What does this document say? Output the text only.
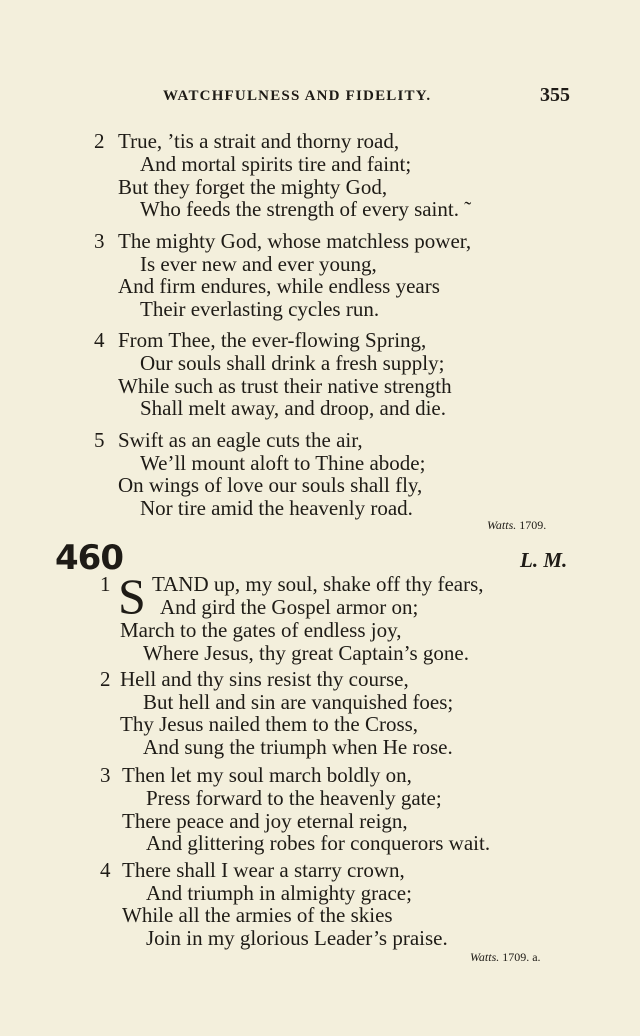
WATCHFULNESS AND FIDELITY.	355
2 True, ’tis a strait and thorny road,
And mortal spirits tire and faint;
But they forget the mighty God,
Who feeds the strength of every saint. ˜
3 The mighty God, whose matchless power,
Is ever new and ever young,
And firm endures, while endless years
Their everlasting cycles run.
4 From Thee, the ever-flowing Spring,
Our souls shall drink a fresh supply;
While such as trust their native strength
Shall melt away, and droop, and die.
5 Swift as an eagle cuts the air,
We’ll mount aloft to Thine abode;
On wings of love our souls shall fly,
Nor tire amid the heavenly road.
Watts. 1709.
460	L. M.
1 S TAND up, my soul, shake off thy fears,
And gird the Gospel armor on;
March to the gates of endless joy,
Where Jesus, thy great Captain’s gone.
2 Hell and thy sins resist thy course,
But hell and sin are vanquished foes;
Thy Jesus nailed them to the Cross,
And sung the triumph when He rose.
3 Then let my soul march boldly on,
Press forward to the heavenly gate;
There peace and joy eternal reign,
And glittering robes for conquerors wait.
4 There shall I wear a starry crown,
And triumph in almighty grace;
While all the armies of the skies
Join in my glorious Leader’s praise.
Watts. 1709. a.
